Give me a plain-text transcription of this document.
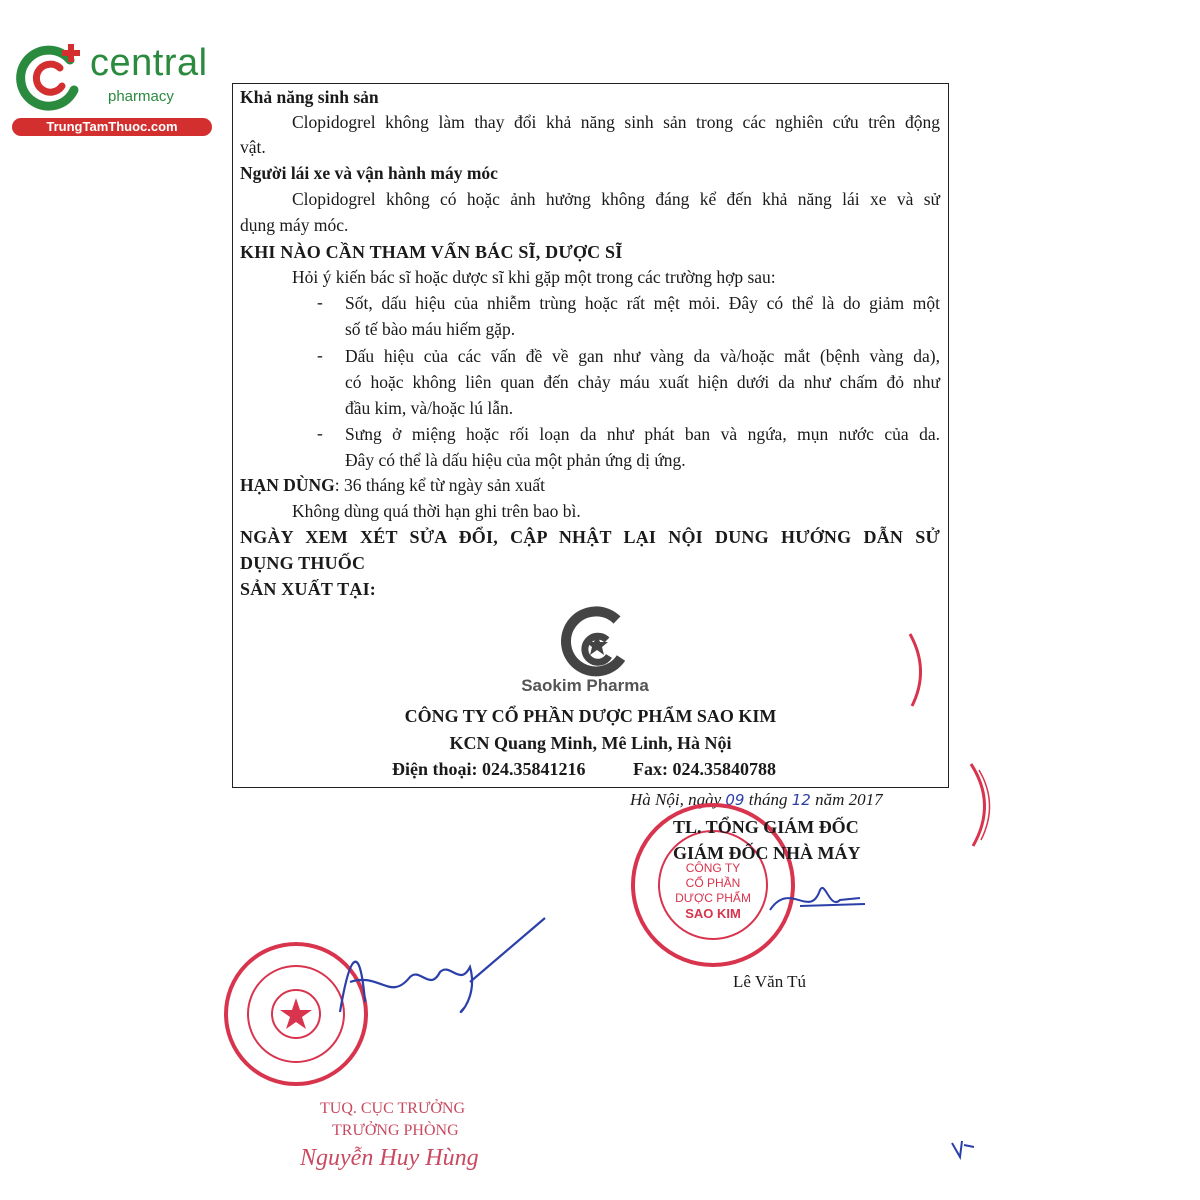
central
pharmacy
TrungTamThuoc.com
Khả năng sinh sản
Clopidogrel không làm thay đổi khả năng sinh sản trong các nghiên cứu trên động
vật.
Người lái xe và vận hành máy móc
Clopidogrel không có hoặc ảnh hưởng không đáng kể đến khả năng lái xe và sử
dụng máy móc.
KHI NÀO CẦN THAM VẤN BÁC SĨ, DƯỢC SĨ
Hỏi ý kiến bác sĩ hoặc dược sĩ khi gặp một trong các trường hợp sau:
- Sốt, dấu hiệu của nhiễm trùng hoặc rất mệt mỏi. Đây có thể là do giảm một
số tế bào máu hiếm gặp.
- Dấu hiệu của các vấn đề về gan như vàng da và/hoặc mắt (bệnh vàng da),
có hoặc không liên quan đến chảy máu xuất hiện dưới da như chấm đỏ như
đầu kim, và/hoặc lú lẫn.
- Sưng ở miệng hoặc rối loạn da như phát ban và ngứa, mụn nước của da.
Đây có thể là dấu hiệu của một phản ứng dị ứng.
HẠN DÙNG: 36 tháng kể từ ngày sản xuất
Không dùng quá thời hạn ghi trên bao bì.
NGÀY XEM XÉT SỬA ĐỔI, CẬP NHẬT LẠI NỘI DUNG HƯỚNG DẪN SỬ
DỤNG THUỐC
SẢN XUẤT TẠI:
Saokim Pharma
CÔNG TY CỔ PHẦN DƯỢC PHẨM SAO KIM
KCN Quang Minh, Mê Linh, Hà Nội
Điện thoại: 024.35841216	Fax: 024.35840788
Hà Nội, ngày 09 tháng 12 năm 2017
CÔNG TY
CỔ PHẦN
DƯỢC PHẨM
SAO KIM
TL. TỔNG GIÁM ĐỐC
GIÁM ĐỐC NHÀ MÁY
Lê Văn Tú
TUQ. CỤC TRƯỞNG
TRƯỞNG PHÒNG
Nguyễn Huy Hùng
